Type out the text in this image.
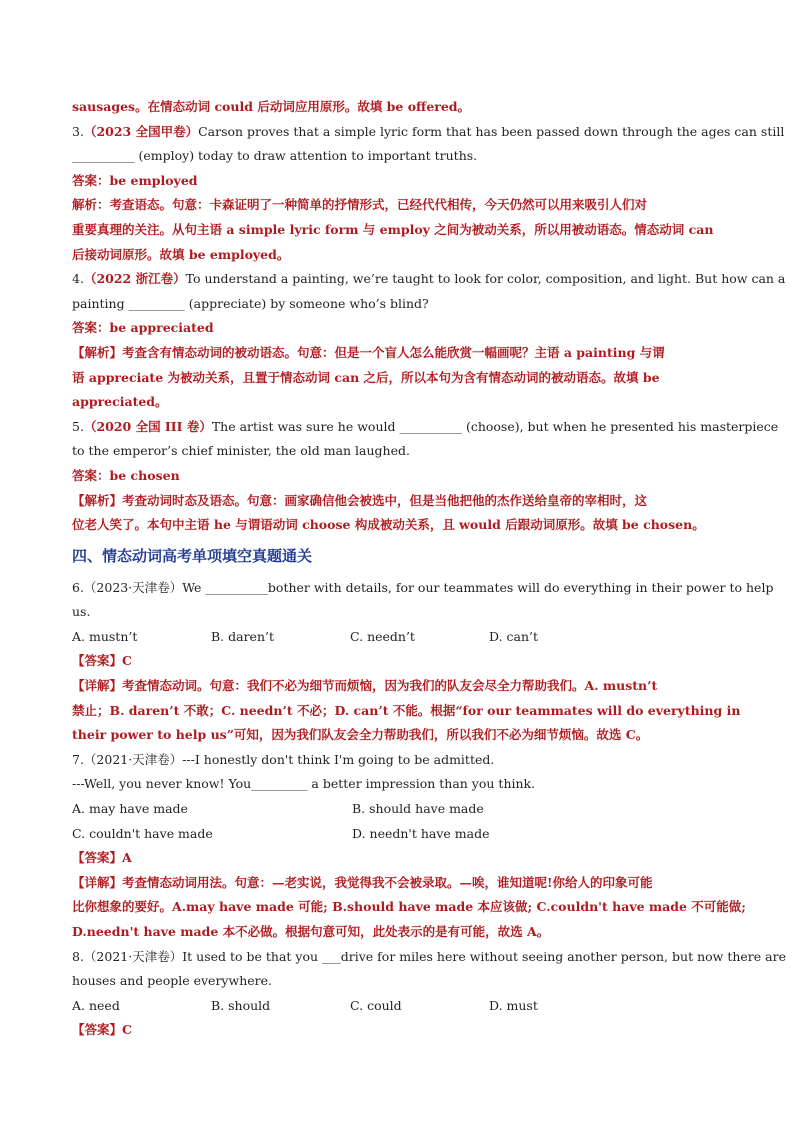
sausages。在情态动词 could 后动词应用原形。故填 be offered。
3.（2023 全国甲卷）Carson proves that a simple lyric form that has been passed down through the ages can still
__________ (employ) today to draw attention to important truths.
答案：be employed
解析：考查语态。句意：卡森证明了一种简单的抒情形式，已经代代相传，今天仍然可以用来吸引人们对
重要真理的关注。从句主语 a simple lyric form 与 employ 之间为被动关系，所以用被动语态。情态动词 can
后接动词原形。故填 be employed。
4.（2022 浙江卷）To understand a painting, we’re taught to look for color, composition, and light. But how can a
painting _________ (appreciate) by someone who’s blind?
答案：be appreciated
【解析】考查含有情态动词的被动语态。句意：但是一个盲人怎么能欣赏一幅画呢？主语 a painting 与谓
语 appreciate 为被动关系，且置于情态动词 can 之后，所以本句为含有情态动词的被动语态。故填 be
appreciated。
5.（2020 全国 III 卷）The artist was sure he would __________ (choose), but when he presented his masterpiece
to the emperor’s chief minister, the old man laughed.
答案：be chosen
【解析】考查动词时态及语态。句意：画家确信他会被选中，但是当他把他的杰作送给皇帝的宰相时，这
位老人笑了。本句中主语 he 与谓语动词 choose 构成被动关系，且 would 后跟动词原形。故填 be chosen。
四、情态动词高考单项填空真题通关
6.（2023·天津卷）We __________bother with details, for our teammates will do everything in their power to help
us.
A. mustn’t	B. daren’t	C. needn’t	D. can’t
【答案】C
【详解】考查情态动词。句意：我们不必为细节而烦恼，因为我们的队友会尽全力帮助我们。A. mustn’t
禁止；B. daren’t 不敢；C. needn’t 不必；D. can’t 不能。根据“for our teammates will do everything in
their power to help us”可知，因为我们队友会全力帮助我们，所以我们不必为细节烦恼。故选 C。
7.（2021·天津卷）---I honestly don't think I'm going to be admitted.
---Well, you never know! You_________ a better impression than you think.
A. may have made	B. should have made
C. couldn't have made	D. needn't have made
【答案】A
【详解】考查情态动词用法。句意：—老实说，我觉得我不会被录取。—唉，谁知道呢!你给人的印象可能
比你想象的要好。A.may have made 可能; B.should have made 本应该做; C.couldn't have made 不可能做;
D.needn't have made 本不必做。根据句意可知，此处表示的是有可能，故选 A。
8.（2021·天津卷）It used to be that you ___drive for miles here without seeing another person, but now there are
houses and people everywhere.
A. need	B. should	C. could	D. must
【答案】C
